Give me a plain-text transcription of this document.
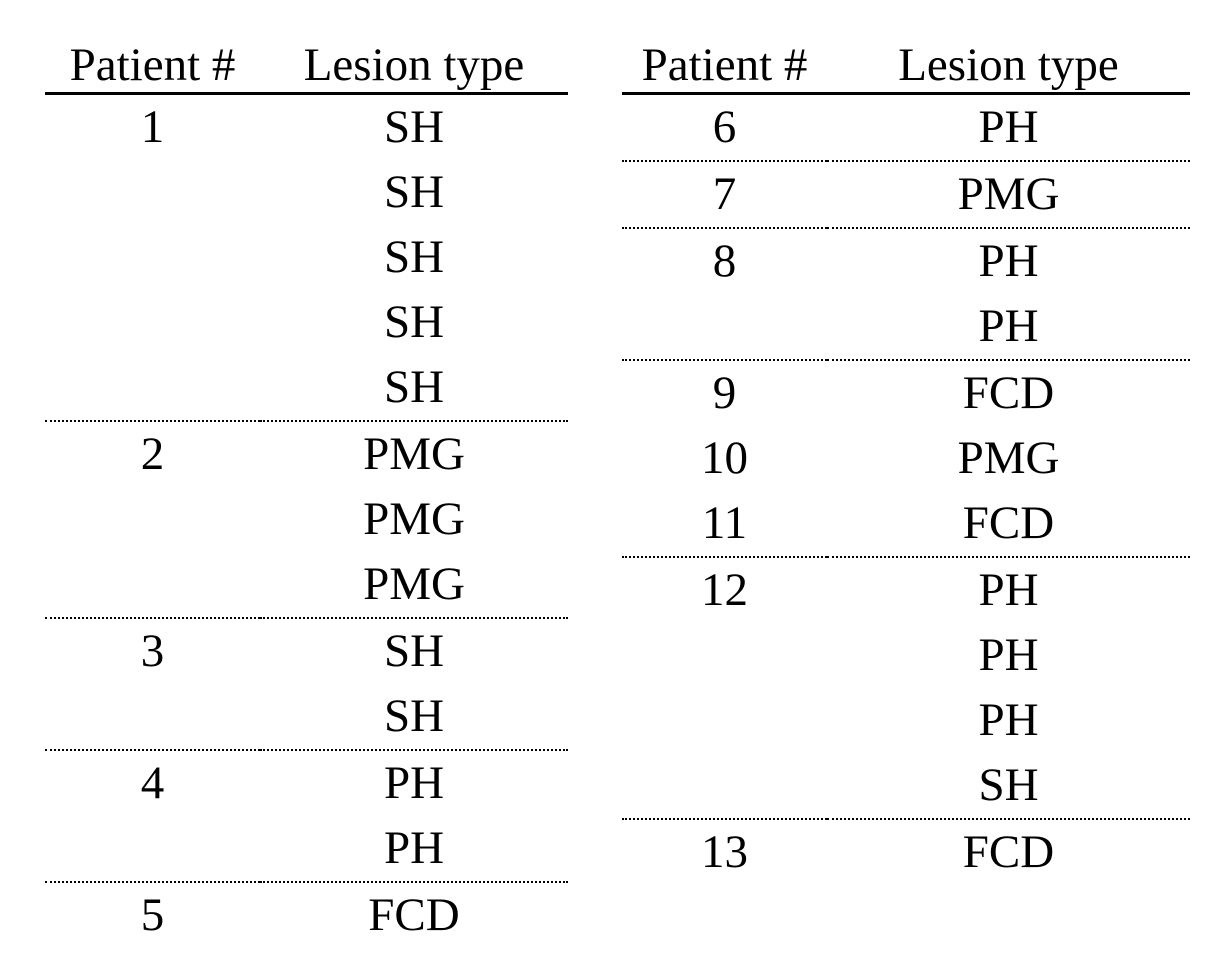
Patient #	Lesion type
1	SH
	SH
	SH
	SH
	SH
2	PMG
	PMG
	PMG
3	SH
	SH
4	PH
	PH
5	FCD
Patient #	Lesion type
6	PH
7	PMG
8	PH
	PH
9	FCD
10	PMG
11	FCD
12	PH
	PH
	PH
	SH
13	FCD
